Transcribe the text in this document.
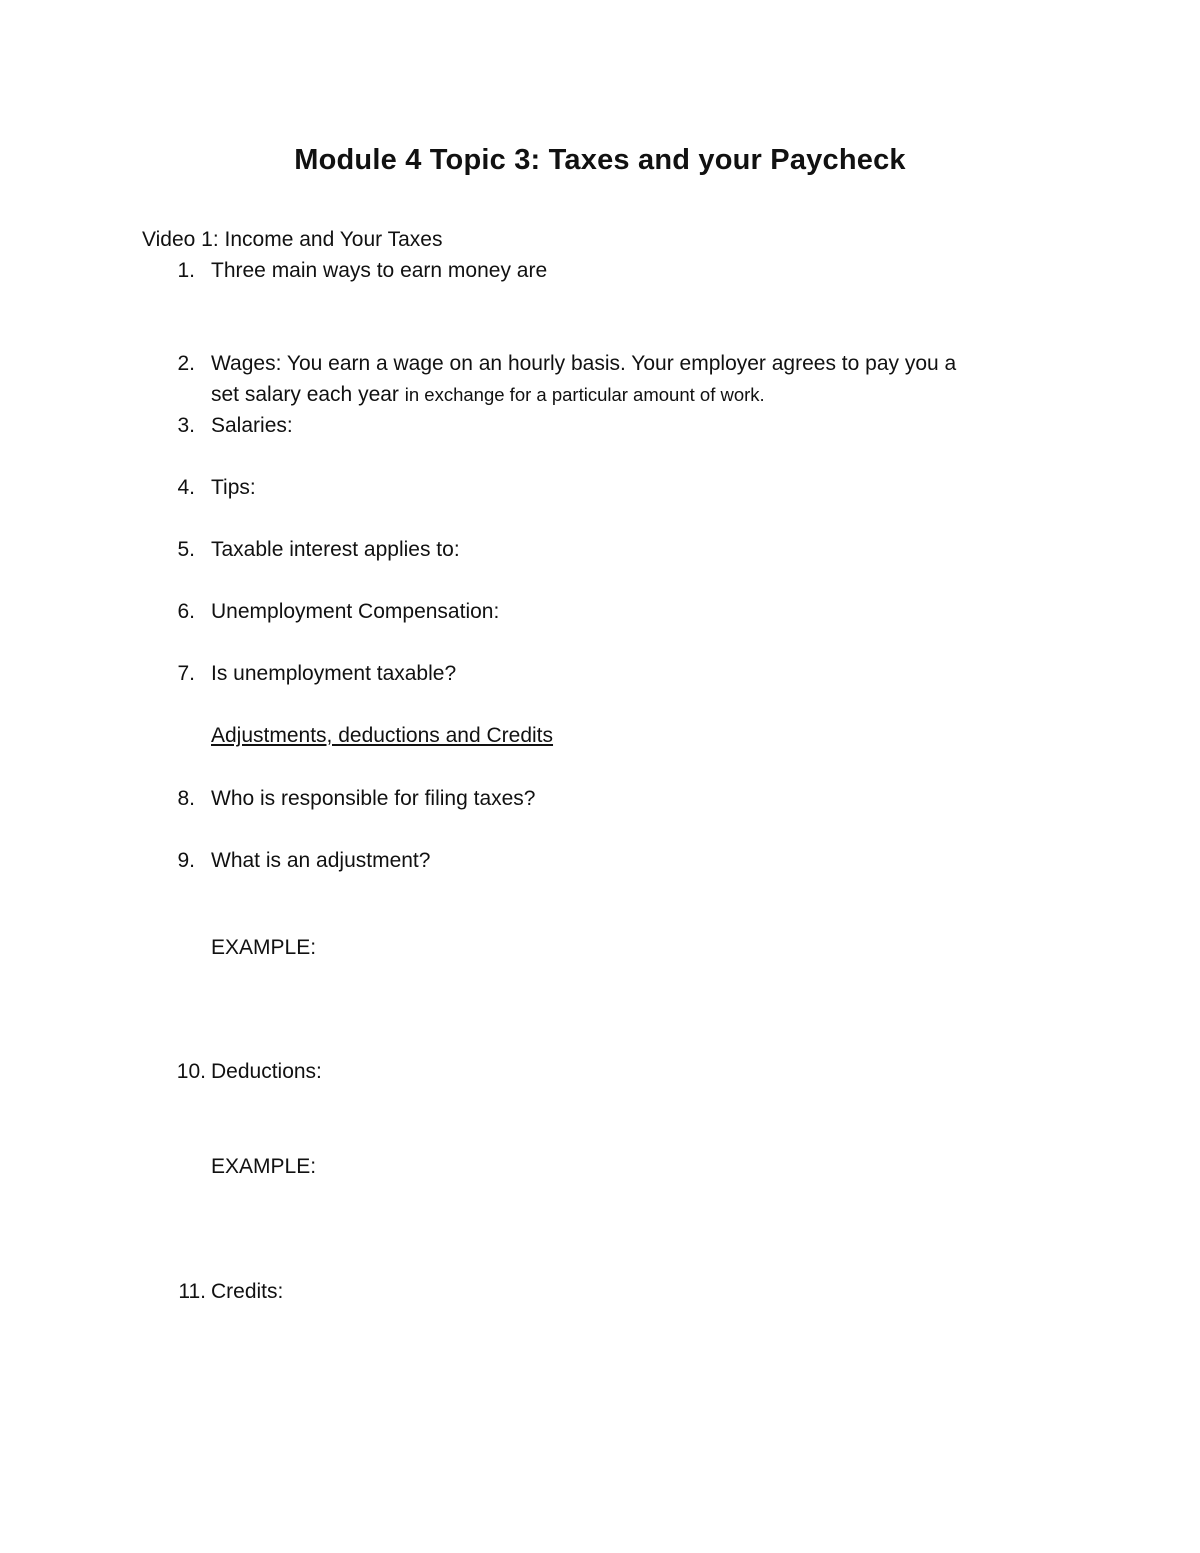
Module 4 Topic 3: Taxes and your Paycheck
Video 1: Income and Your Taxes
1. Three main ways to earn money are
2. Wages: You earn a wage on an hourly basis. Your employer agrees to pay you a
set salary each year in exchange for a particular amount of work.
3. Salaries:
4. Tips:
5. Taxable interest applies to:
6. Unemployment Compensation:
7. Is unemployment taxable?
Adjustments, deductions and Credits
8. Who is responsible for filing taxes?
9. What is an adjustment?
EXAMPLE:
10. Deductions:
EXAMPLE:
11. Credits:
